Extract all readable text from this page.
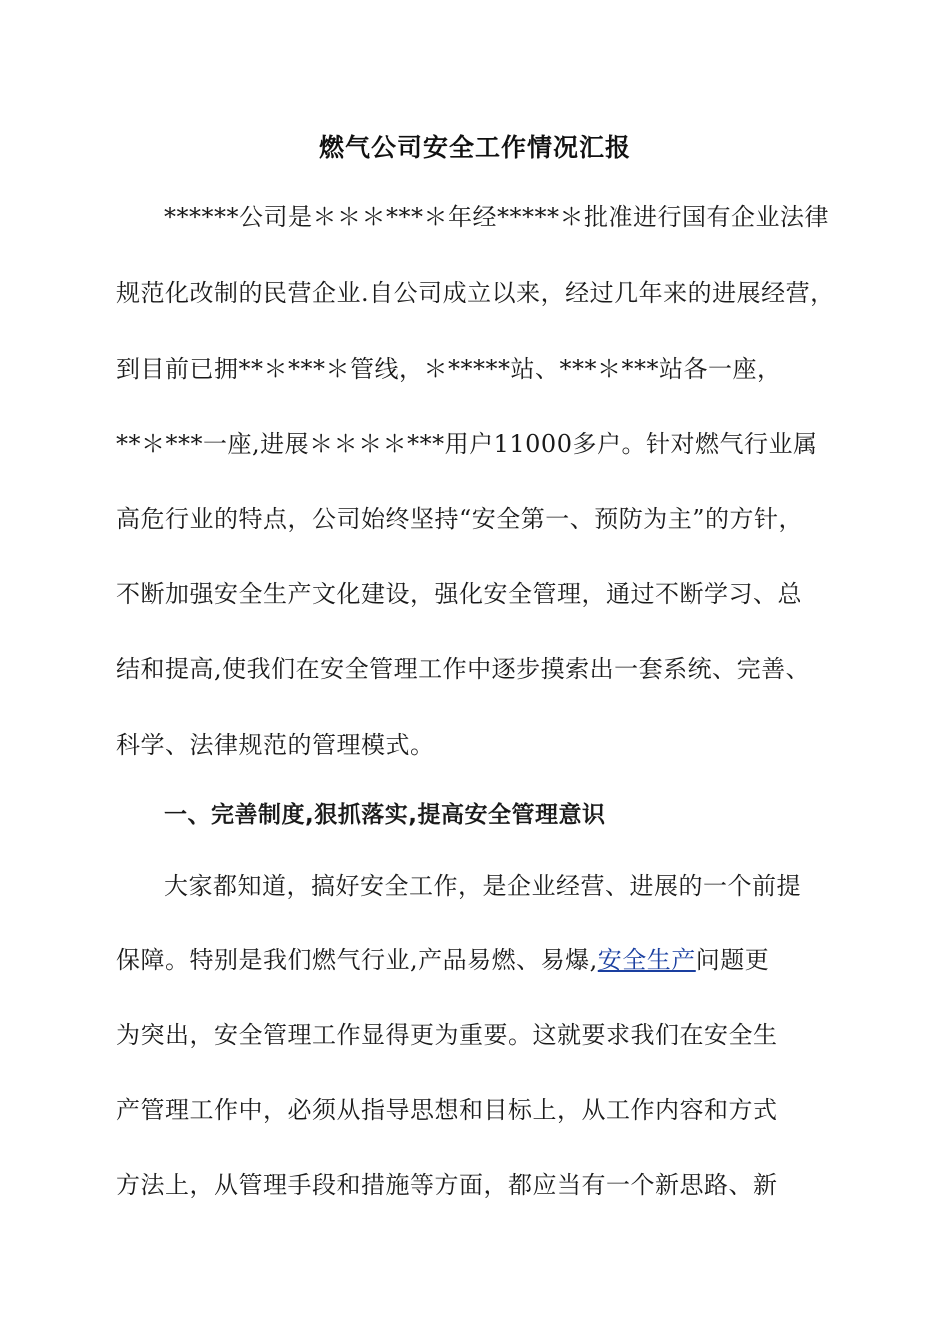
燃气公司安全工作情况汇报
******公司是＊＊＊***＊年经*****＊批准进行国有企业法律
规范化改制的民营企业.自公司成立以来，经过几年来的进展经营，
到目前已拥**＊***＊管线，＊*****站、***＊***站各一座，
**＊***一座,进展＊＊＊＊***用户11000多户。针对燃气行业属
高危行业的特点，公司始终坚持“安全第一、预防为主”的方针，
不断加强安全生产文化建设，强化安全管理，通过不断学习、总
结和提高,使我们在安全管理工作中逐步摸索出一套系统、完善、
科学、法律规范的管理模式。
一、完善制度,狠抓落实,提高安全管理意识
大家都知道，搞好安全工作，是企业经营、进展的一个前提
保障。特别是我们燃气行业,产品易燃、易爆,安全生产问题更
为突出，安全管理工作显得更为重要。这就要求我们在安全生
产管理工作中，必须从指导思想和目标上，从工作内容和方式
方法上，从管理手段和措施等方面，都应当有一个新思路、新
